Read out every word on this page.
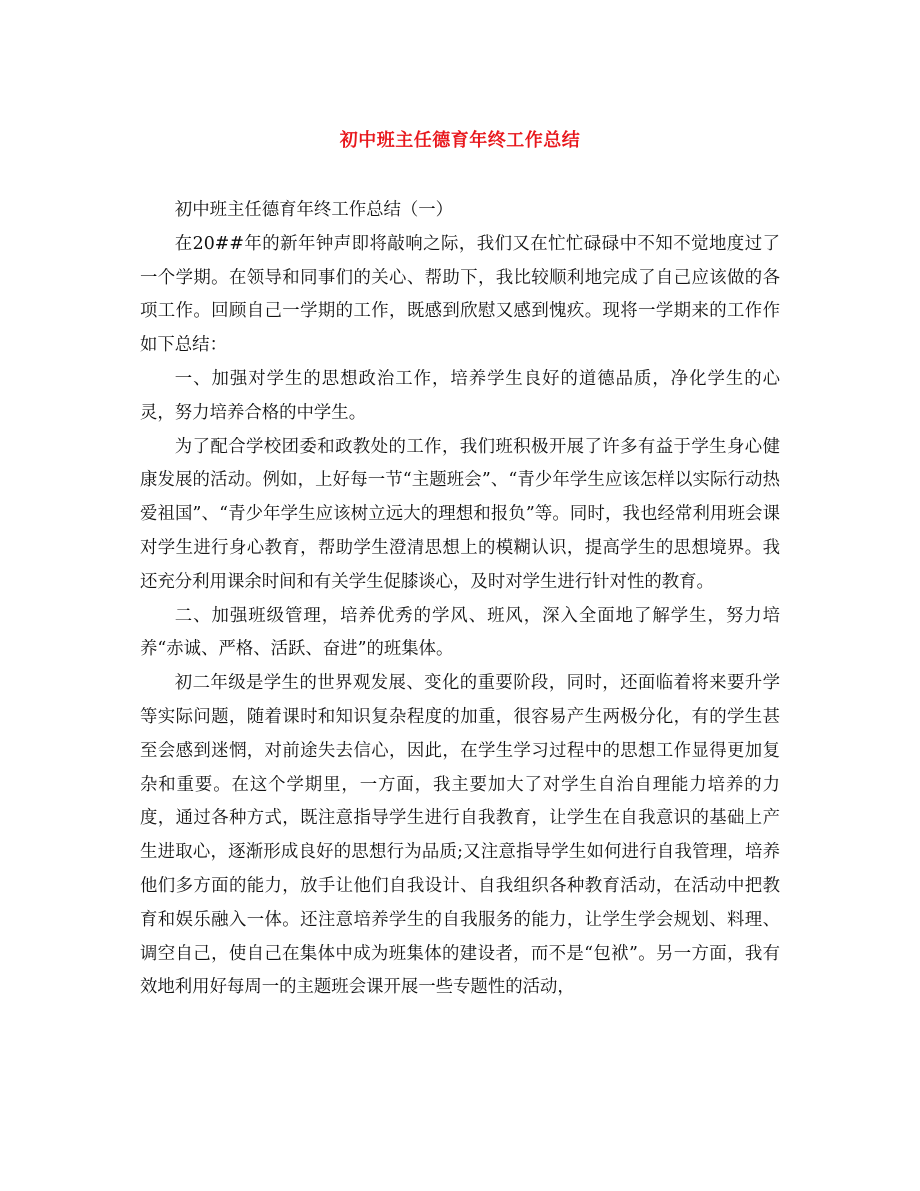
初中班主任德育年终工作总结

初中班主任德育年终工作总结（一）

在20##年的新年钟声即将敲响之际，我们又在忙忙碌碌中不知不觉地度过了一个学期。在领导和同事们的关心、帮助下，我比较顺利地完成了自己应该做的各项工作。回顾自己一学期的工作，既感到欣慰又感到愧疚。现将一学期来的工作作如下总结：

一、加强对学生的思想政治工作，培养学生良好的道德品质，净化学生的心灵，努力培养合格的中学生。

为了配合学校团委和政教处的工作，我们班积极开展了许多有益于学生身心健康发展的活动。例如，上好每一节“主题班会”、“青少年学生应该怎样以实际行动热爱祖国”、“青少年学生应该树立远大的理想和报负”等。同时，我也经常利用班会课对学生进行身心教育，帮助学生澄清思想上的模糊认识，提高学生的思想境界。我还充分利用课余时间和有关学生促膝谈心，及时对学生进行针对性的教育。

二、加强班级管理，培养优秀的学风、班风，深入全面地了解学生，努力培养“赤诚、严格、活跃、奋进”的班集体。

初二年级是学生的世界观发展、变化的重要阶段，同时，还面临着将来要升学等实际问题，随着课时和知识复杂程度的加重，很容易产生两极分化，有的学生甚至会感到迷惘，对前途失去信心，因此，在学生学习过程中的思想工作显得更加复杂和重要。在这个学期里，一方面，我主要加大了对学生自治自理能力培养的力度，通过各种方式，既注意指导学生进行自我教育，让学生在自我意识的基础上产生进取心，逐渐形成良好的思想行为品质;又注意指导学生如何进行自我管理，培养他们多方面的能力，放手让他们自我设计、自我组织各种教育活动，在活动中把教育和娱乐融入一体。还注意培养学生的自我服务的能力，让学生学会规划、料理、调空自己，使自己在集体中成为班集体的建设者，而不是“包袱”。另一方面，我有效地利用好每周一的主题班会课开展一些专题性的活动，
